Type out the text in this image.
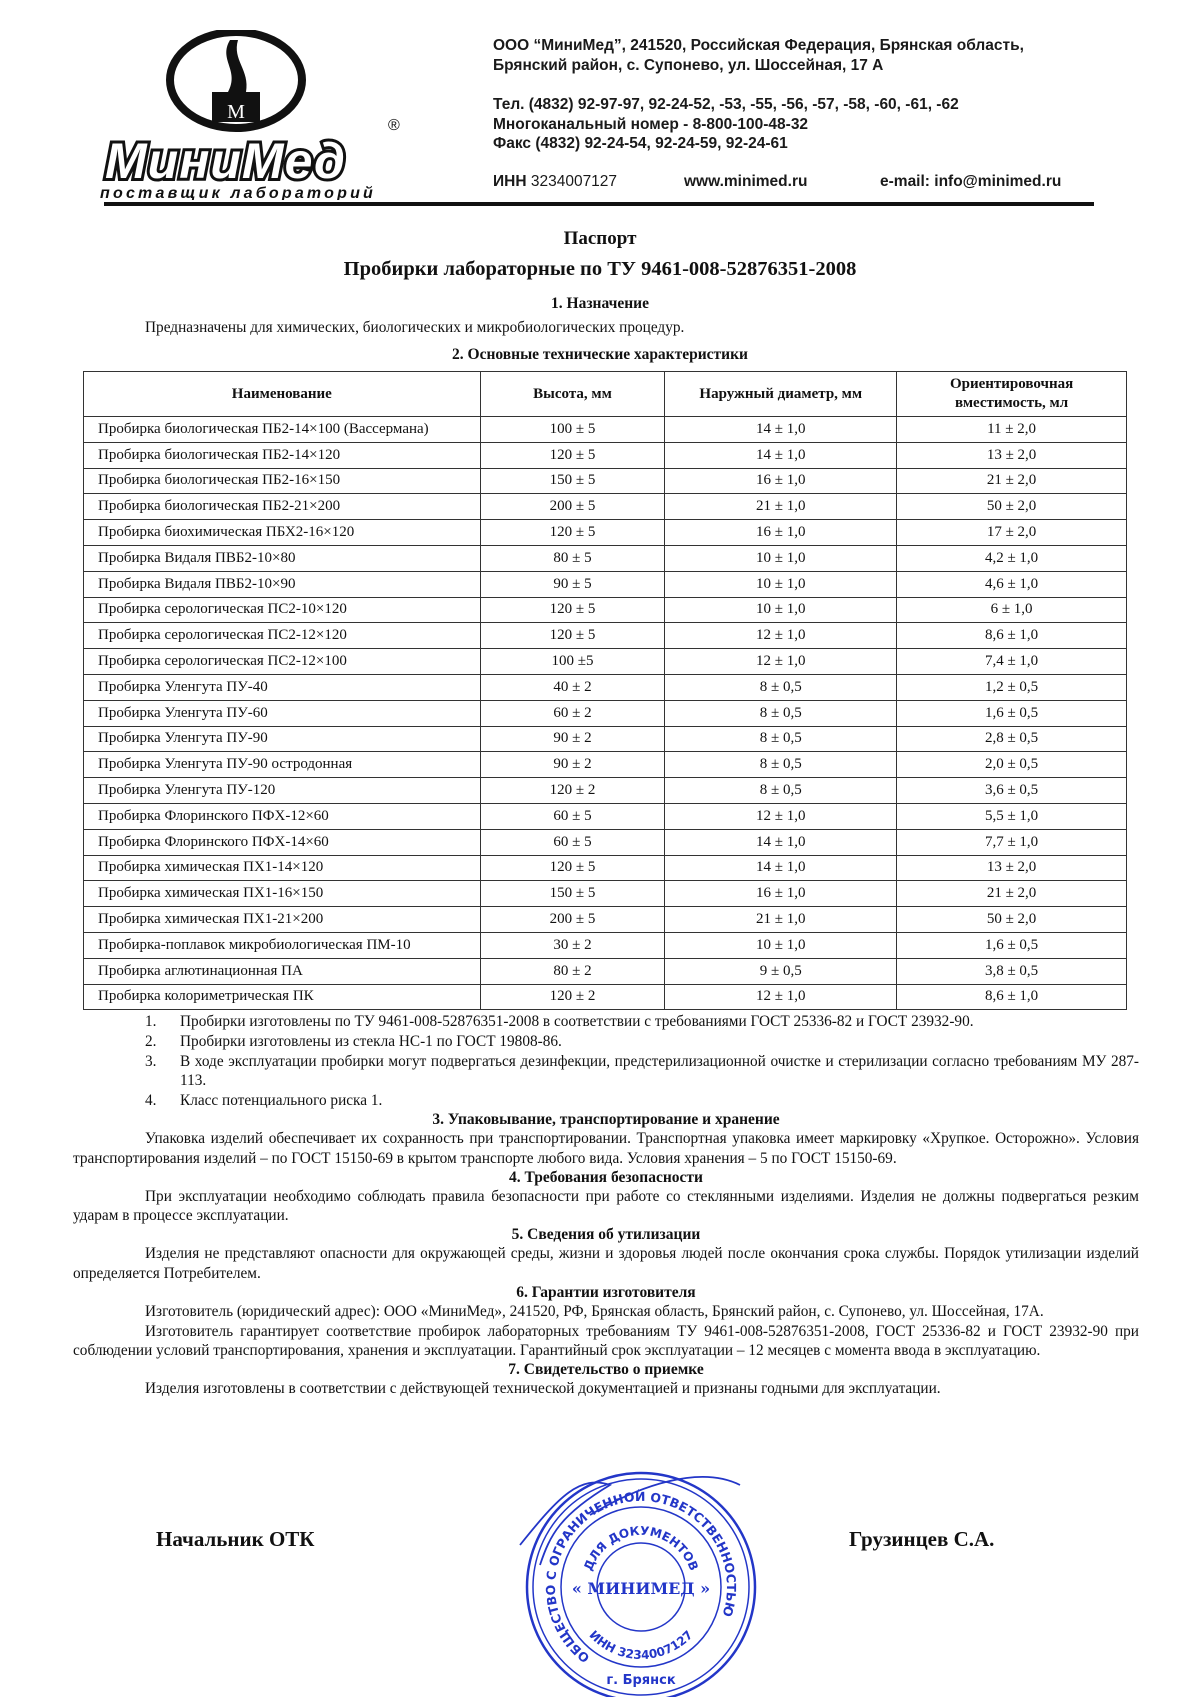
M
МиниМед
®
поставщик лабораторий
ООО “МиниМед”, 241520, Российская Федерация, Брянская область,
Брянский район, с. Супонево, ул. Шоссейная, 17 А
Тел. (4832) 92-97-97, 92-24-52, -53, -55, -56, -57, -58, -60, -61, -62
Многоканальный номер - 8-800-100-48-32
Факс (4832) 92-24-54, 92-24-59, 92-24-61
ИНН 3234007127	www.minimed.ru	e-mail: info@minimed.ru
Паспорт
Пробирки лабораторные по ТУ 9461-008-52876351-2008
1. Назначение
Предназначены для химических, биологических и микробиологических процедур.
2. Основные технические характеристики
Наименование	Высота, мм	Наружный диаметр, мм	Ориентировочная вместимость, мл
Пробирка биологическая ПБ2-14×100 (Вассермана)	100 ± 5	14 ± 1,0	11 ± 2,0
Пробирка биологическая ПБ2-14×120	120 ± 5	14 ± 1,0	13 ± 2,0
Пробирка биологическая ПБ2-16×150	150 ± 5	16 ± 1,0	21 ± 2,0
Пробирка биологическая ПБ2-21×200	200 ± 5	21 ± 1,0	50 ± 2,0
Пробирка биохимическая ПБХ2-16×120	120 ± 5	16 ± 1,0	17 ± 2,0
Пробирка Видаля ПВБ2-10×80	80 ± 5	10 ± 1,0	4,2 ± 1,0
Пробирка Видаля ПВБ2-10×90	90 ± 5	10 ± 1,0	4,6 ± 1,0
Пробирка серологическая ПС2-10×120	120 ± 5	10 ± 1,0	6 ± 1,0
Пробирка серологическая ПС2-12×120	120 ± 5	12 ± 1,0	8,6 ± 1,0
Пробирка серологическая ПС2-12×100	100 ±5	12 ± 1,0	7,4 ± 1,0
Пробирка Уленгута ПУ-40	40 ± 2	8 ± 0,5	1,2 ± 0,5
Пробирка Уленгута ПУ-60	60 ± 2	8 ± 0,5	1,6 ± 0,5
Пробирка Уленгута ПУ-90	90 ± 2	8 ± 0,5	2,8 ± 0,5
Пробирка Уленгута ПУ-90 остродонная	90 ± 2	8 ± 0,5	2,0 ± 0,5
Пробирка Уленгута ПУ-120	120 ± 2	8 ± 0,5	3,6 ± 0,5
Пробирка Флоринского ПФХ-12×60	60 ± 5	12 ± 1,0	5,5 ± 1,0
Пробирка Флоринского ПФХ-14×60	60 ± 5	14 ± 1,0	7,7 ± 1,0
Пробирка химическая ПХ1-14×120	120 ± 5	14 ± 1,0	13 ± 2,0
Пробирка химическая ПХ1-16×150	150 ± 5	16 ± 1,0	21 ± 2,0
Пробирка химическая ПХ1-21×200	200 ± 5	21 ± 1,0	50 ± 2,0
Пробирка-поплавок микробиологическая ПМ-10	30 ± 2	10 ± 1,0	1,6 ± 0,5
Пробирка аглютинационная ПА	80 ± 2	9 ± 0,5	3,8 ± 0,5
Пробирка колориметрическая ПК	120 ± 2	12 ± 1,0	8,6 ± 1,0
1.	Пробирки изготовлены по ТУ 9461-008-52876351-2008 в соответствии с требованиями ГОСТ 25336-82 и ГОСТ 23932-90.
2.	Пробирки изготовлены из стекла НС-1 по ГОСТ 19808-86.
3.	В ходе эксплуатации пробирки могут подвергаться дезинфекции, предстерилизационной очистке и стерилизации согласно требованиям МУ 287-113.
4.	Класс потенциального риска 1.
3. Упаковывание, транспортирование и хранение
Упаковка изделий обеспечивает их сохранность при транспортировании. Транспортная упаковка имеет маркировку «Хрупкое. Осторожно». Условия транспортирования изделий – по ГОСТ 15150-69 в крытом транспорте любого вида. Условия хранения – 5 по ГОСТ 15150-69.
4. Требования безопасности
При эксплуатации необходимо соблюдать правила безопасности при работе со стеклянными изделиями. Изделия не должны подвергаться резким ударам в процессе эксплуатации.
5. Сведения об утилизации
Изделия не представляют опасности для окружающей среды, жизни и здоровья людей после окончания срока службы. Порядок утилизации изделий определяется Потребителем.
6. Гарантии изготовителя
Изготовитель (юридический адрес): ООО «МиниМед», 241520, РФ, Брянская область, Брянский район, с. Супонево, ул. Шоссейная, 17А.
Изготовитель гарантирует соответствие пробирок лабораторных требованиям ТУ 9461-008-52876351-2008, ГОСТ 25336-82 и ГОСТ 23932-90 при соблюдении условий транспортирования, хранения и эксплуатации. Гарантийный срок эксплуатации – 12 месяцев с момента ввода в эксплуатацию.
7. Свидетельство о приемке
Изделия изготовлены в соответствии с действующей технической документацией и признаны годными для эксплуатации.
Начальник ОТК	Грузинцев С.А.
ОБЩЕСТВО С ОГРАНИЧЕННОЙ ОТВЕТСТВЕННОСТЬЮ
ДЛЯ ДОКУМЕНТОВ
« МИНИМЕД »
ИНН 3234007127
г. Брянск
